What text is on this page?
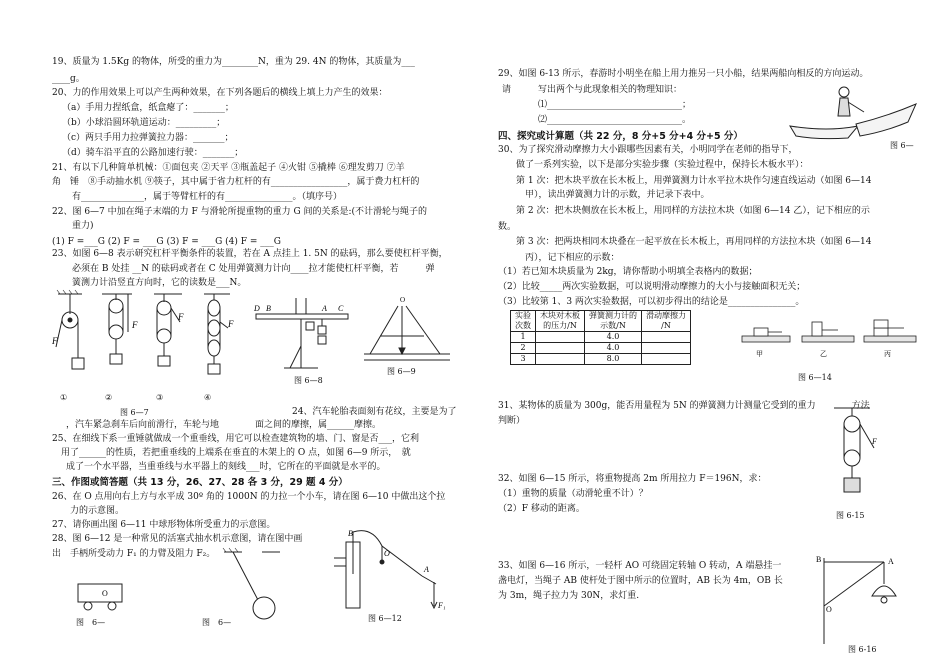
19、质量为 1.5Kg 的物体，所受的重力为________N，重为 29. 4N 的物体，其质量为___
____g。
20、力的作用效果上可以产生两种效果，在下列各题后的横线上填上力产生的效果：
（a）手用力捏纸盒，纸盒瘪了：_______；
（b）小球沿圆环轨道运动：_________；
（c）两只手用力拉弹簧拉力器：_______；
（d）骑车沿平直的公路加速行驶：_______；
21、有以下几种简单机械：①面包夹 ②天平 ③瓶盖起子 ④火钳 ⑤撬棒 ⑥理发剪刀 ⑦羊
角　锤　⑧手动抽水机 ⑨筷子，其中属于省力杠杆的有_________________，属于费力杠杆的
有______________，属于等臂杠杆的有_______________。（填序号）
22、图 6—7 中加在绳子末端的力 F 与滑轮所提重物的重力 G 间的关系是:(不计滑轮与绳子的
重力)
(1) F =___G (2) F = ___G (3) F = ___G (4) F = ___G
23、如图 6—8 表示研究杠杆平衡条件的装置，若在 A 点挂上 1. 5N 的砝码，那么要使杠杆平衡，
必须在 B 处挂 __N 的砝码或者在 C 处用弹簧测力计向____拉才能使杠杆平衡，若　　　弹
簧测力计沿竖直方向时，它的读数是___N。
F
F
F
F
①	②	③	④
图 6—7
D B	A C
图 6—8
O
图 6—9
24、汽车轮胎表面刻有花纹，主要是为了
，汽车紧急刹车后向前滑行，车轮与地　　　　面之间的摩擦，属______摩擦。
25、在细线下系一重锤就做成一个重垂线，用它可以检查建筑物的墙、门、窗是否___，它利
　用了______的性质，若把重垂线的上端系在垂直的木架上的 O 点，如图 6—9 所示，　就
成了一个水平器，当重垂线与水平器上的刻线___时，它所在的平面就是水平的。
三、作图或简答题（共 13 分，26、27、28 各 3 分，29 题 4 分）
26、在 O 点用向右上方与水平成 30º 角的 1000N 的力拉一个小车，请在图 6—10 中做出这个拉
　　力的示意图。
27、请你画出图 6—11 中球形物体所受重力的示意图。
28、图 6—12 是一种常见的活塞式抽水机示意图，请在图中画
出　手柄所受动力 F₁ 的力臂及阻力 F₂。
O
图　6—	图　6—
B
O
A
F₁
图 6—12
29、如图 6-13 所示，春游时小明坐在船上用力推另一只小船，结果两船向相反的方向运动。
请　　　写出两个与此现象相关的物理知识：
⑴______________________________；
⑵______________________________。
图 6—
四、探究或计算题（共 22 分，8 分+5 分+4 分+5 分）
30、为了探究滑动摩擦力大小跟哪些因素有关，小明同学在老师的指导下，
　　做了一系列实验，以下是部分实验步骤（实验过程中，保持长木板水平）：
　　第 1 次：把木块平放在长木板上，用弹簧测力计水平拉木块作匀速直线运动（如图 6—14
　　　甲），读出弹簧测力计的示数，并记录下表中。
　　第 2 次：把木块侧放在长木板上，用同样的方法拉木块（如图 6—14 乙），记下相应的示
数。
　　第 3 次：把两块相同木块叠在一起平放在长木板上，再用同样的方法拉木块（如图 6—14
　　　丙），记下相应的示数：
（1）若已知木块质量为 2kg，请你帮助小明填全表格内的数据；
（2）比较_____两次实验数据，可以说明滑动摩擦力的大小与接触面积无关；
（3）比较第 1、3 两次实验数据，可以初步得出的结论是_______________。
实验
次数	木块对木板
的压力/N	弹簧测力计的
示数/N	滑动摩擦力
/N
1		4.0	
2		4.0	
3		8.0		甲	乙	丙
图 6—14
31、某物体的质量为 300g，能否用量程为 5N 的弹簧测力计测量它受到的重力　　　　方法
判断）
F
32、如图 6—15 所示，将重物提高 2m 所用拉力 F＝196N，求：
（1）重物的质量（动滑轮重不计）？
（2）F 移动的距离。
图 6-15
33、如图 6—16 所示，一轻杆 AO 可绕固定转轴 O 转动，A 端悬挂一
盏电灯，当绳子 AB 使杆处于图中所示的位置时，AB 长为 4m，OB 长
为 3m，绳子拉力为 30N，求灯重.
B	A
O
图 6-16
